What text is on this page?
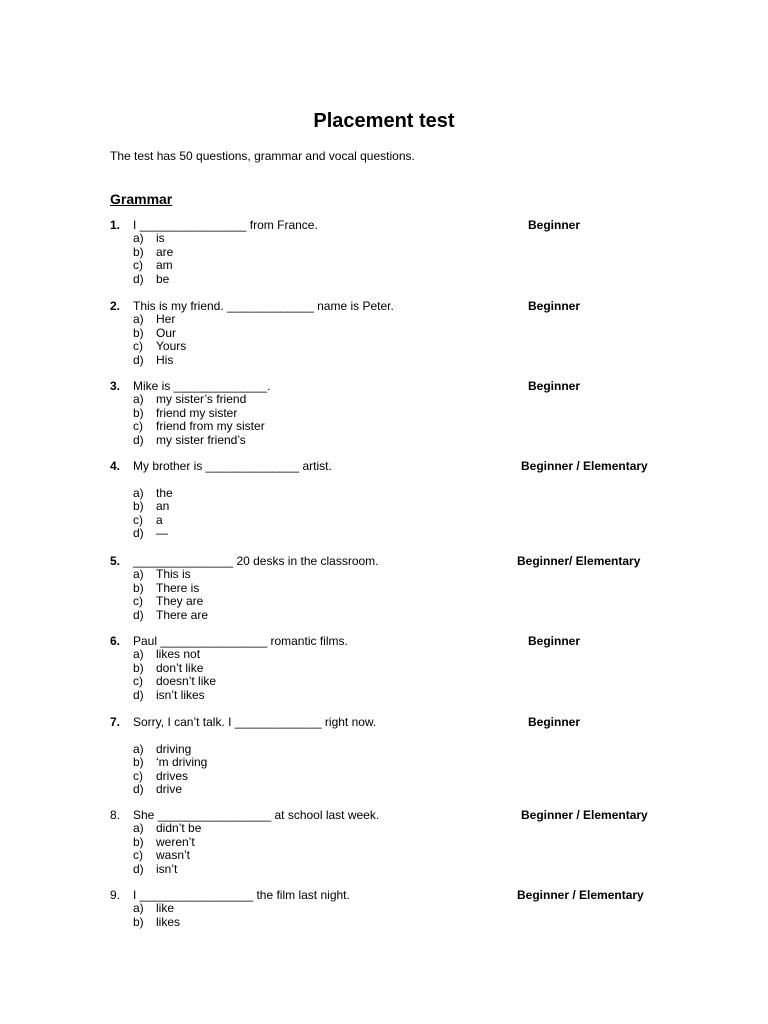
Placement test
The test has 50 questions, grammar and vocal questions.
Grammar
1. I ________________ from France.	Beginner
a) is
b) are
c) am
d) be
2. This is my friend. _____________ name is Peter.	Beginner
a) Her
b) Our
c) Yours
d) His
3. Mike is ______________.	Beginner
a) my sister’s friend
b) friend my sister
c) friend from my sister
d) my sister friend’s
4. My brother is ______________ artist.	Beginner / Elementary
a) the
b) an
c) a
d) —
5. _______________ 20 desks in the classroom.	Beginner/ Elementary
a) This is
b) There is
c) They are
d) There are
6. Paul ________________ romantic films.	Beginner
a) likes not
b) don’t like
c) doesn’t like
d) isn’t likes
7. Sorry, I can’t talk. I _____________ right now.	Beginner
a) driving
b) ‘m driving
c) drives
d) drive
8. She _________________ at school last week.	Beginner / Elementary
a) didn’t be
b) weren’t
c) wasn’t
d) isn’t
9. I _________________ the film last night.	Beginner / Elementary
a) like
b) likes
